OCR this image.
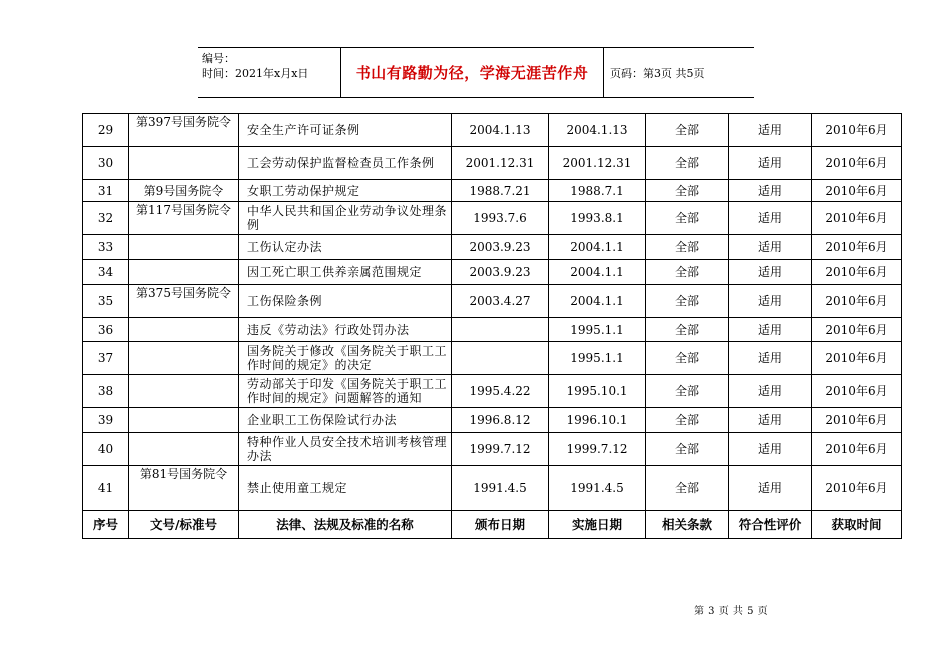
编号：
时间：2021年x月x日	书山有路勤为径，学海无涯苦作舟	页码：第3页 共5页
29	第397号国务院令	安全生产许可证条例	2004.1.13	2004.1.13	全部	适用	2010年6月
30		工会劳动保护监督检查员工作条例	2001.12.31	2001.12.31	全部	适用	2010年6月
31	第9号国务院令	女职工劳动保护规定	1988.7.21	1988.7.1	全部	适用	2010年6月
32	第117号国务院令	中华人民共和国企业劳动争议处理条例	1993.7.6	1993.8.1	全部	适用	2010年6月
33		工伤认定办法	2003.9.23	2004.1.1	全部	适用	2010年6月
34		因工死亡职工供养亲属范围规定	2003.9.23	2004.1.1	全部	适用	2010年6月
35	第375号国务院令	工伤保险条例	2003.4.27	2004.1.1	全部	适用	2010年6月
36		违反《劳动法》行政处罚办法		1995.1.1	全部	适用	2010年6月
37		国务院关于修改《国务院关于职工工作时间的规定》的决定		1995.1.1	全部	适用	2010年6月
38		劳动部关于印发《国务院关于职工工作时间的规定》问题解答的通知	1995.4.22	1995.10.1	全部	适用	2010年6月
39		企业职工工伤保险试行办法	1996.8.12	1996.10.1	全部	适用	2010年6月
40		特种作业人员安全技术培训考核管理办法	1999.7.12	1999.7.12	全部	适用	2010年6月
41	第81号国务院令	禁止使用童工规定	1991.4.5	1991.4.5	全部	适用	2010年6月
序号	文号/标准号	法律、法规及标准的名称	颁布日期	实施日期	相关条款	符合性评价	获取时间
第 3 页 共 5 页
